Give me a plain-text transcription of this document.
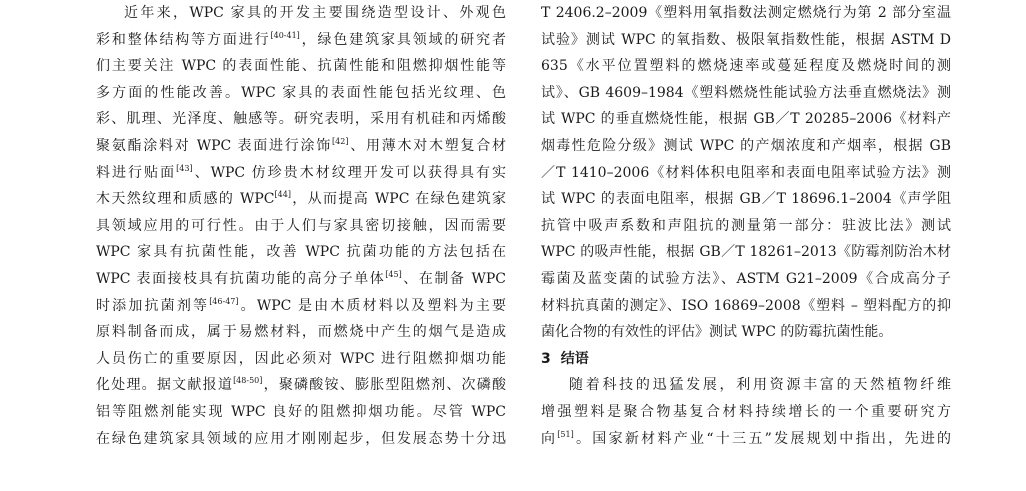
近年来，WPC 家具的开发主要围绕造型设计、外观色
彩和整体结构等方面进行[40-41]，绿色建筑家具领域的研究者
们主要关注 WPC 的表面性能、抗菌性能和阻燃抑烟性能等
多方面的性能改善。WPC 家具的表面性能包括光纹理、色
彩、肌理、光泽度、触感等。研究表明，采用有机硅和丙烯酸
聚氨酯涂料对 WPC 表面进行涂饰[42]、用薄木对木塑复合材
料进行贴面[43]、WPC 仿珍贵木材纹理开发可以获得具有实
木天然纹理和质感的 WPC[44]，从而提高 WPC 在绿色建筑家
具领域应用的可行性。由于人们与家具密切接触，因而需要
WPC 家具有抗菌性能，改善 WPC 抗菌功能的方法包括在
WPC 表面接枝具有抗菌功能的高分子单体[45]、在制备 WPC
时添加抗菌剂等[46-47]。WPC 是由木质材料以及塑料为主要
原料制备而成，属于易燃材料，而燃烧中产生的烟气是造成
人员伤亡的重要原因，因此必须对 WPC 进行阻燃抑烟功能
化处理。据文献报道[48-50]，聚磷酸铵、膨胀型阻燃剂、次磷酸
铝等阻燃剂能实现 WPC 良好的阻燃抑烟功能。尽管 WPC
在绿色建筑家具领域的应用才刚刚起步，但发展态势十分迅
T 2406.2–2009《塑料用氧指数法测定燃烧行为第 2 部分室温
试验》测试 WPC 的氧指数、极限氧指数性能，根据 ASTM D
635《水平位置塑料的燃烧速率或蔓延程度及燃烧时间的测
试》、GB 4609–1984《塑料燃烧性能试验方法垂直燃烧法》测
试 WPC 的垂直燃烧性能，根据 GB／T 20285–2006《材料产
烟毒性危险分级》测试 WPC 的产烟浓度和产烟率，根据 GB
／T 1410–2006《材料体积电阻率和表面电阻率试验方法》测
试 WPC 的表面电阻率，根据 GB／T 18696.1–2004《声学阻
抗管中吸声系数和声阻抗的测量第一部分：驻波比法》测试
WPC 的吸声性能，根据 GB／T 18261–2013《防霉剂防治木材
霉菌及蓝变菌的试验方法》、ASTM G21–2009《合成高分子
材料抗真菌的测定》、ISO 16869–2008《塑料 – 塑料配方的抑
菌化合物的有效性的评估》测试 WPC 的防霉抗菌性能。
3 结语
随着科技的迅猛发展，利用资源丰富的天然植物纤维
增强塑料是聚合物基复合材料持续增长的一个重要研究方
向[51]。国家新材料产业“十三五”发展规划中指出，先进的
